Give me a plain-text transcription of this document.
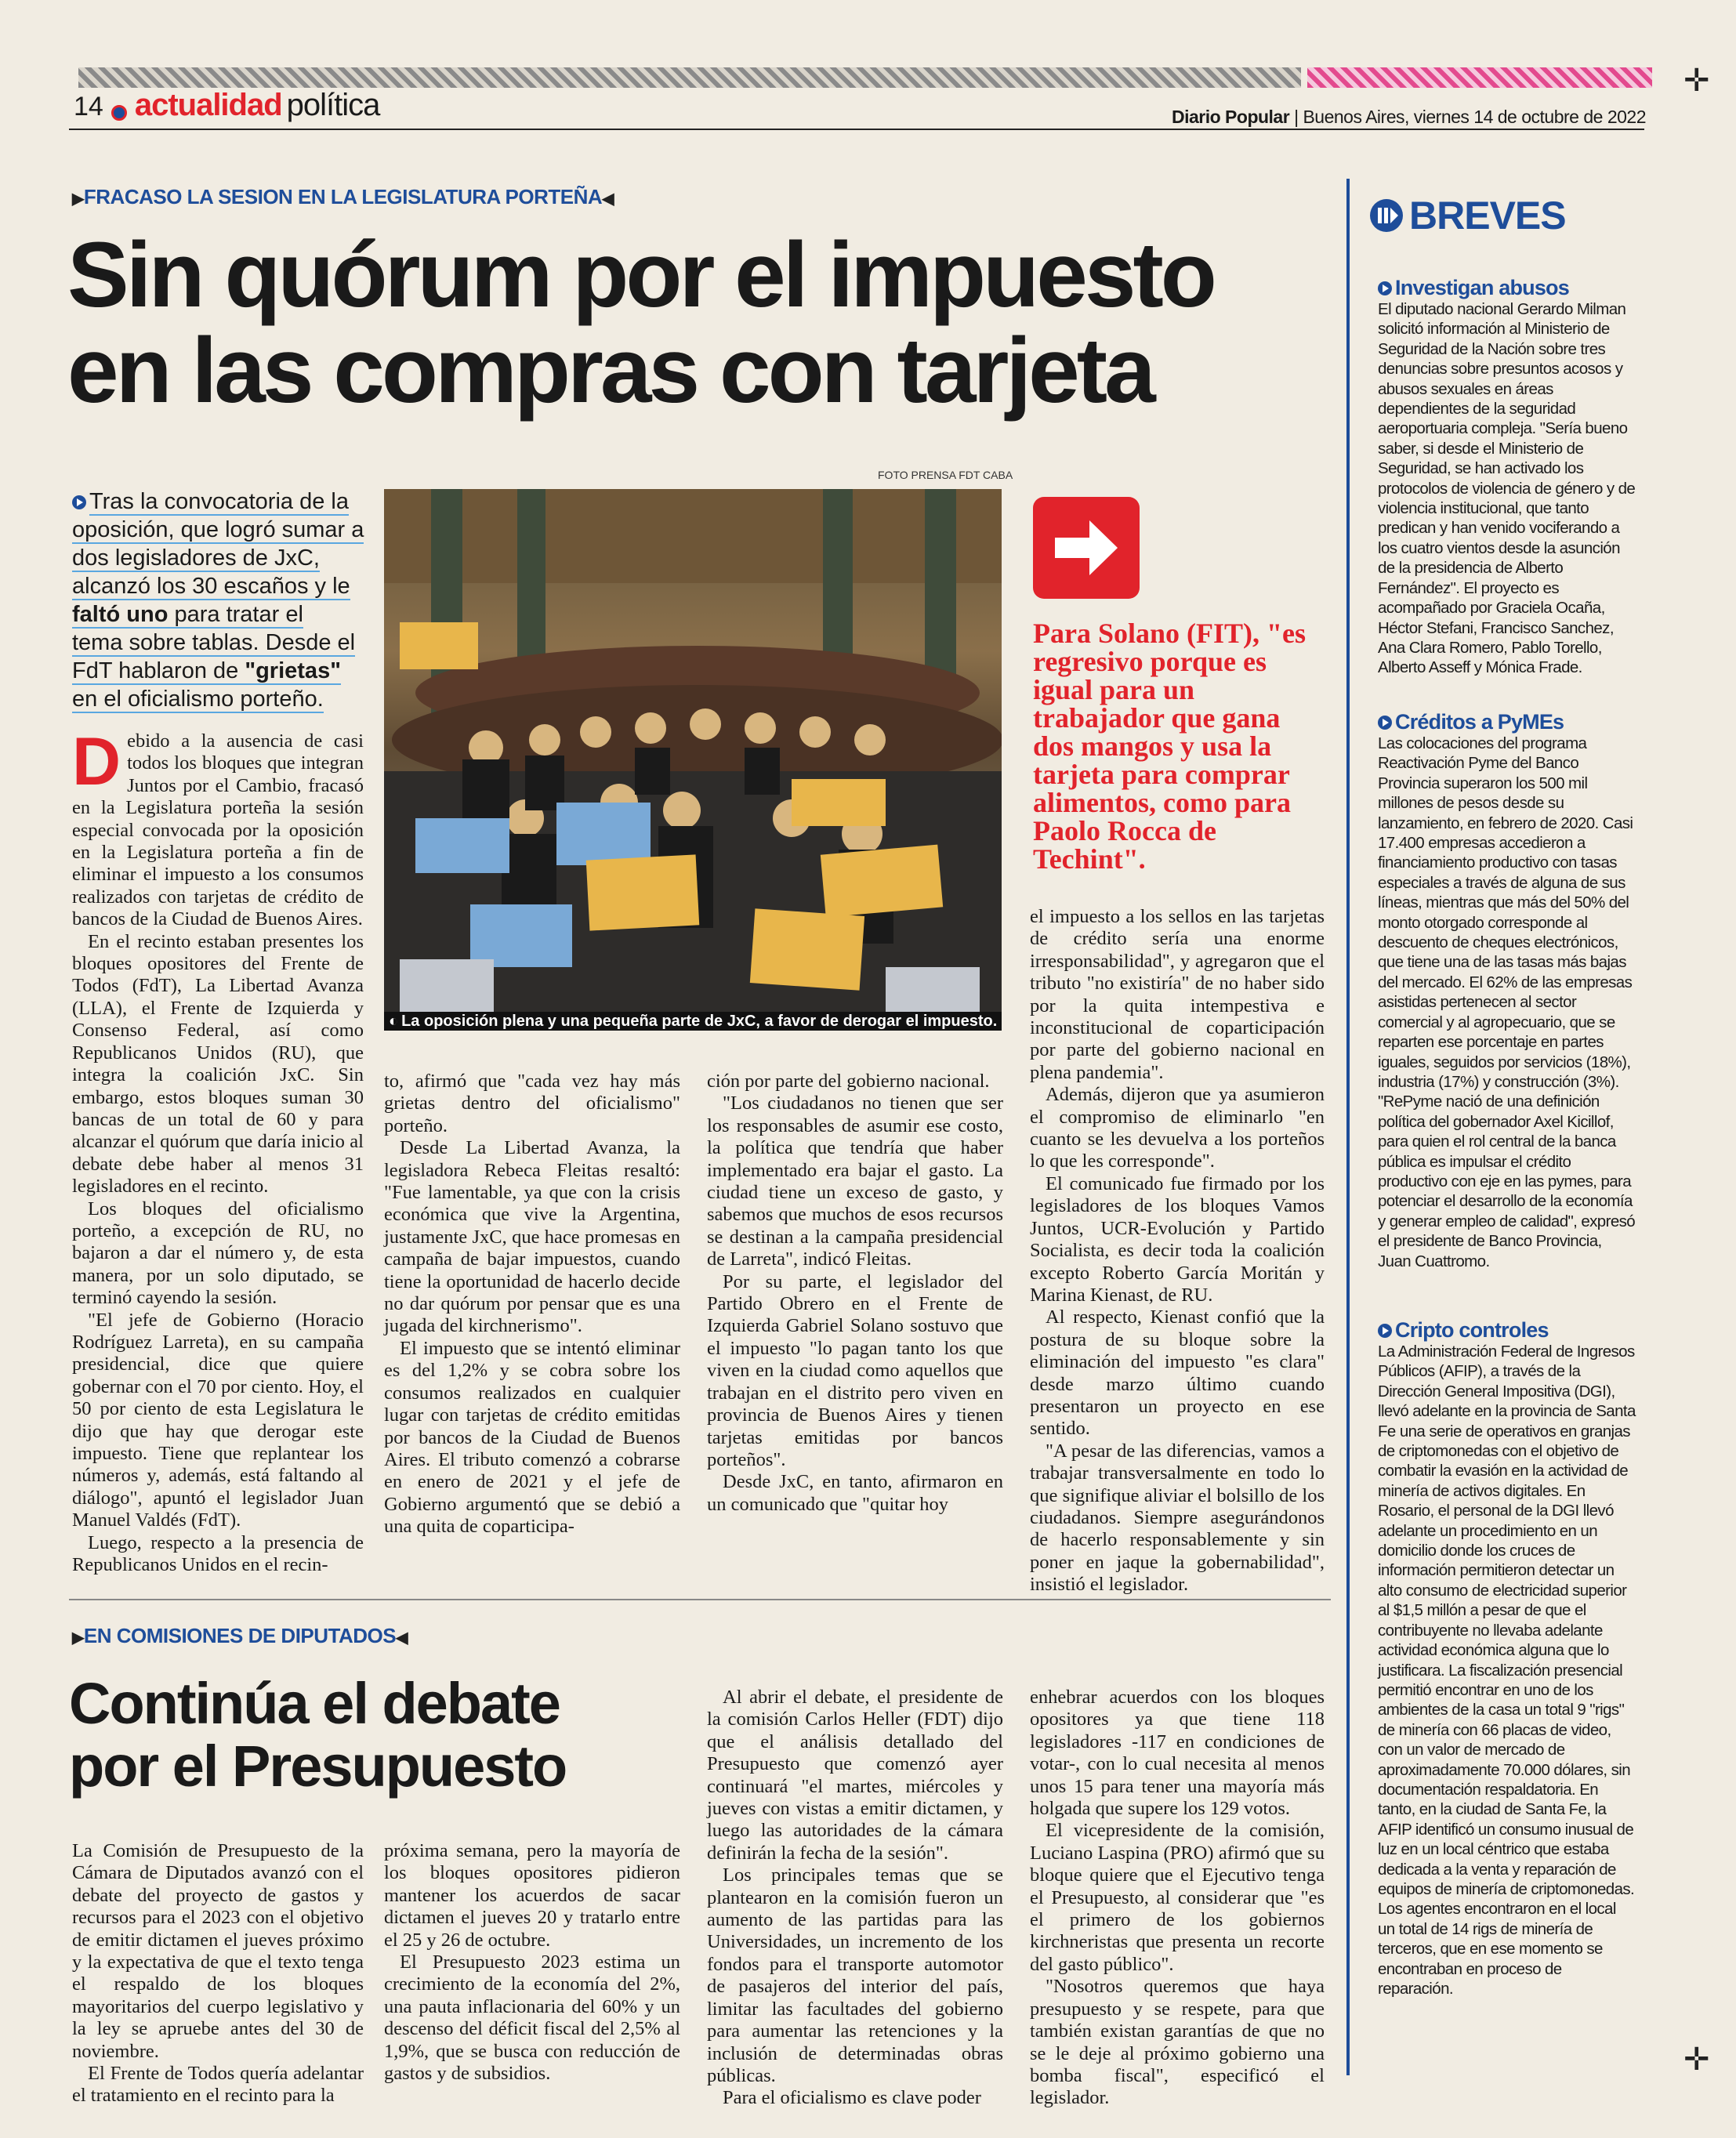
✛
✛
14 actualidad política	Diario Popular | Buenos Aires, viernes 14 de octubre de 2022
▶FRACASO LA SESION EN LA LEGISLATURA PORTEÑA◀
Sin quórum por el impuesto
en las compras con tarjeta
Tras la convocatoria de la
oposición, que logró sumar a
dos legisladores de JxC,
alcanzó los 30 escaños y le
faltó uno para tratar el
tema sobre tablas. Desde el
FdT hablaron de "grietas"
en el oficialismo porteño.
FOTO PRENSA FDT CABA
◐ La oposición plena y una pequeña parte de JxC, a favor de derogar el impuesto.
Para Solano (FIT), "es regresivo porque es igual para un trabajador que gana dos mangos y usa la tarjeta para comprar alimentos, como para Paolo Rocca de Techint".

Debido a la ausencia de casi todos los bloques que integran Juntos por el Cambio, fracasó en la Legislatura porteña la sesión especial convocada por la oposición en la Legislatura porteña a fin de eliminar el impuesto a los consumos realizados con tarjetas de crédito de bancos de la Ciudad de Buenos Aires.

En el recinto estaban presentes los bloques opositores del Frente de Todos (FdT), La Libertad Avanza (LLA), el Frente de Izquierda y Consenso Federal, así como Republicanos Unidos (RU), que integra la coalición JxC. Sin embargo, estos bloques suman 30 bancas de un total de 60 y para alcanzar el quórum que daría inicio al debate debe haber al menos 31 legisladores en el recinto.

Los bloques del oficialismo porteño, a excepción de RU, no bajaron a dar el número y, de esta manera, por un solo diputado, se terminó cayendo la sesión.

"El jefe de Gobierno (Horacio Rodríguez Larreta), en su campaña presidencial, dice que quiere gobernar con el 70 por ciento. Hoy, el 50 por ciento de esta Legislatura le dijo que hay que derogar este impuesto. Tiene que replantear los números y, además, está faltando al diálogo", apuntó el legislador Juan Manuel Valdés (FdT).

Luego, respecto a la presencia de Republicanos Unidos en el recin-

to, afirmó que "cada vez hay más grietas dentro del oficialismo" porteño.

Desde La Libertad Avanza, la legisladora Rebeca Fleitas resaltó: "Fue lamentable, ya que con la crisis económica que vive la Argentina, justamente JxC, que hace promesas en campaña de bajar impuestos, cuando tiene la oportunidad de hacerlo decide no dar quórum por pensar que es una jugada del kirchnerismo".

El impuesto que se intentó eliminar es del 1,2% y se cobra sobre los consumos realizados en cualquier lugar con tarjetas de crédito emitidas por bancos de la Ciudad de Buenos Aires. El tributo comenzó a cobrarse en enero de 2021 y el jefe de Gobierno argumentó que se debió a una quita de coparticipa-

ción por parte del gobierno nacional.

"Los ciudadanos no tienen que ser los responsables de asumir ese costo, la política que tendría que haber implementado era bajar el gasto. La ciudad tiene un exceso de gasto, y sabemos que muchos de esos recursos se destinan a la campaña presidencial de Larreta", indicó Fleitas.

Por su parte, el legislador del Partido Obrero en el Frente de Izquierda Gabriel Solano sostuvo que el impuesto "lo pagan tanto los que viven en la ciudad como aquellos que trabajan en el distrito pero viven en provincia de Buenos Aires y tienen tarjetas emitidas por bancos porteños".

Desde JxC, en tanto, afirmaron en un comunicado que "quitar hoy

el impuesto a los sellos en las tarjetas de crédito sería una enorme irresponsabilidad", y agregaron que el tributo "no existiría" de no haber sido por la quita intempestiva e inconstitucional de coparticipación por parte del gobierno nacional en plena pandemia".

Además, dijeron que ya asumieron el compromiso de eliminarlo "en cuanto se les devuelva a los porteños lo que les corresponde".

El comunicado fue firmado por los legisladores de los bloques Vamos Juntos, UCR-Evolución y Partido Socialista, es decir toda la coalición excepto Roberto García Moritán y Marina Kienast, de RU.

Al respecto, Kienast confió que la postura de su bloque sobre la eliminación del impuesto "es clara" desde marzo último cuando presentaron un proyecto en ese sentido.

"A pesar de las diferencias, vamos a trabajar transversalmente en todo lo que signifique aliviar el bolsillo de los ciudadanos. Siempre asegurándonos de hacerlo responsablemente y sin poner en jaque la gobernabilidad", insistió el legislador.

▶EN COMISIONES DE DIPUTADOS◀
Continúa el debate
por el Presupuesto

La Comisión de Presupuesto de la Cámara de Diputados avanzó con el debate del proyecto de gastos y recursos para el 2023 con el objetivo de emitir dictamen el jueves próximo y la expectativa de que el texto tenga el respaldo de los bloques mayoritarios del cuerpo legislativo y la ley se apruebe antes del 30 de noviembre.

El Frente de Todos quería adelantar el tratamiento en el recinto para la

próxima semana, pero la mayoría de los bloques opositores pidieron mantener los acuerdos de sacar dictamen el jueves 20 y tratarlo entre el 25 y 26 de octubre.

El Presupuesto 2023 estima un crecimiento de la economía del 2%, una pauta inflacionaria del 60% y un descenso del déficit fiscal del 2,5% al 1,9%, que se busca con reducción de gastos y de subsidios.

Al abrir el debate, el presidente de la comisión Carlos Heller (FDT) dijo que el análisis detallado del Presupuesto que comenzó ayer continuará "el martes, miércoles y jueves con vistas a emitir dictamen, y luego las autoridades de la cámara definirán la fecha de la sesión".

Los principales temas que se plantearon en la comisión fueron un aumento de las partidas para las Universidades, un incremento de los fondos para el transporte automotor de pasajeros del interior del país, limitar las facultades del gobierno para aumentar las retenciones y la inclusión de determinadas obras públicas.

Para el oficialismo es clave poder

enhebrar acuerdos con los bloques opositores ya que tiene 118 legisladores -117 en condiciones de votar-, con lo cual necesita al menos unos 15 para tener una mayoría más holgada que supere los 129 votos.

El vicepresidente de la comisión, Luciano Laspina (PRO) afirmó que su bloque quiere que el Ejecutivo tenga el Presupuesto, al considerar que "es el primero de los gobiernos kirchneristas que presenta un recorte del gasto público".

"Nosotros queremos que haya presupuesto y se respete, para que también existan garantías de que no se le deje al próximo gobierno una bomba fiscal", especificó el legislador.

BREVES
Investigan abusos

El diputado nacional Gerardo Milman solicitó información al Ministerio de Seguridad de la Nación sobre tres denuncias sobre presuntos acosos y abusos sexuales en áreas dependientes de la seguridad aeroportuaria compleja. "Sería bueno saber, si desde el Ministerio de Seguridad, se han activado los protocolos de violencia de género y de violencia institucional, que tanto predican y han venido vociferando a los cuatro vientos desde la asunción de la presidencia de Alberto Fernández". El proyecto es acompañado por Graciela Ocaña, Héctor Stefani, Francisco Sanchez, Ana Clara Romero, Pablo Torello, Alberto Asseff y Mónica Frade.

Créditos a PyMEs

Las colocaciones del programa Reactivación Pyme del Banco Provincia superaron los 500 mil millones de pesos desde su lanzamiento, en febrero de 2020. Casi 17.400 empresas accedieron a financiamiento productivo con tasas especiales a través de alguna de sus líneas, mientras que más del 50% del monto otorgado corresponde al descuento de cheques electrónicos, que tiene una de las tasas más bajas del mercado. El 62% de las empresas asistidas pertenecen al sector comercial y al agropecuario, que se reparten ese porcentaje en partes iguales, seguidos por servicios (18%), industria (17%) y construcción (3%). "RePyme nació de una definición política del gobernador Axel Kicillof, para quien el rol central de la banca pública es impulsar el crédito productivo con eje en las pymes, para potenciar el desarrollo de la economía y generar empleo de calidad", expresó el presidente de Banco Provincia, Juan Cuattromo.

Cripto controles

La Administración Federal de Ingresos Públicos (AFIP), a través de la Dirección General Impositiva (DGI), llevó adelante en la provincia de Santa Fe una serie de operativos en granjas de criptomonedas con el objetivo de combatir la evasión en la actividad de minería de activos digitales. En Rosario, el personal de la DGI llevó adelante un procedimiento en un domicilio donde los cruces de información permitieron detectar un alto consumo de electricidad superior al $1,5 millón a pesar de que el contribuyente no llevaba adelante actividad económica alguna que lo justificara. La fiscalización presencial permitió encontrar en uno de los ambientes de la casa un total 9 "rigs" de minería con 66 placas de video, con un valor de mercado de aproximadamente 70.000 dólares, sin documentación respaldatoria. En tanto, en la ciudad de Santa Fe, la AFIP identificó un consumo inusual de luz en un local céntrico que estaba dedicada a la venta y reparación de equipos de minería de criptomonedas. Los agentes encontraron en el local un total de 14 rigs de minería de terceros, que en ese momento se encontraban en proceso de reparación.
